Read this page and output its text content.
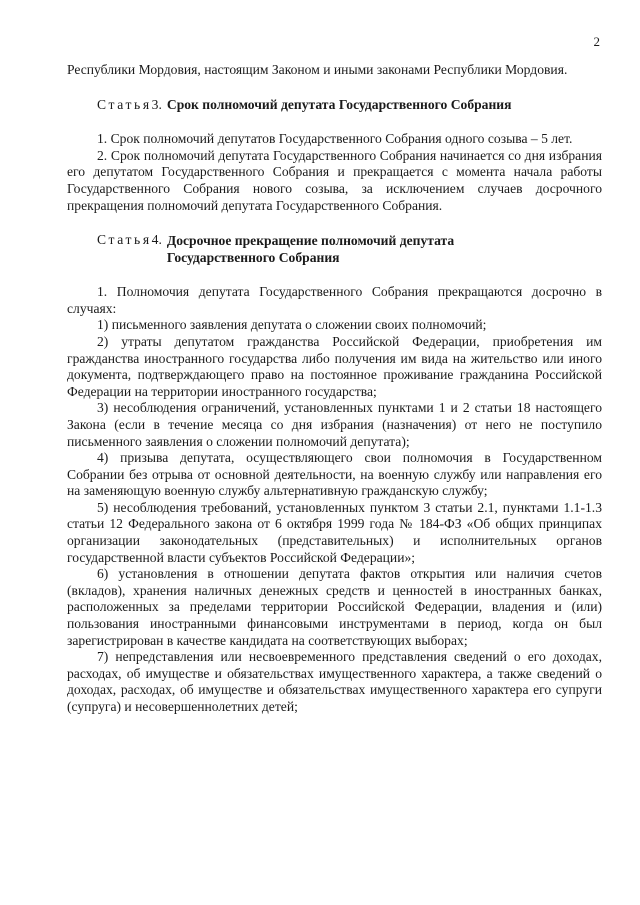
2

Республики Мордовия, настоящим Законом и иными законами Республики Мордовия.

Статья 3. Срок полномочий депутата Государственного Собрания

1. Срок полномочий депутатов Государственного Собрания одного созыва – 5 лет.

2. Срок полномочий депутата Государственного Собрания начинается со дня избрания его депутатом Государственного Собрания и прекращается с момента начала работы Государственного Собрания нового созыва, за исключением случаев досрочного прекращения полномочий депутата Государственного Собрания.

Статья 4. Досрочное прекращение полномочий депутата
Государственного Собрания

1. Полномочия депутата Государственного Собрания прекращаются досрочно в случаях:

1) письменного заявления депутата о сложении своих полномочий;

2) утраты депутатом гражданства Российской Федерации, приобретения им гражданства иностранного государства либо получения им вида на жительство или иного документа, подтверждающего право на постоянное проживание гражданина Российской Федерации на территории иностранного государства;

3) несоблюдения ограничений, установленных пунктами 1 и 2 статьи 18 настоящего Закона (если в течение месяца со дня избрания (назначения) от него не поступило письменного заявления о сложении полномочий депутата);

4) призыва депутата, осуществляющего свои полномочия в Государственном Собрании без отрыва от основной деятельности, на военную службу или направления его на заменяющую военную службу альтернативную гражданскую службу;

5) несоблюдения требований, установленных пунктом 3 статьи 2.1, пунктами 1.1-1.3 статьи 12 Федерального закона от 6 октября 1999 года № 184-ФЗ «Об общих принципах организации законодательных (представительных) и исполнительных органов государственной власти субъектов Российской Федерации»;

6) установления в отношении депутата фактов открытия или наличия счетов (вкладов), хранения наличных денежных средств и ценностей в иностранных банках, расположенных за пределами территории Российской Федерации, владения и (или) пользования иностранными финансовыми инструментами в период, когда он был зарегистрирован в качестве кандидата на соответствующих выборах;

7) непредставления или несвоевременного представления сведений о его доходах, расходах, об имуществе и обязательствах имущественного характера, а также сведений о доходах, расходах, об имуществе и обязательствах имущественного характера его супруги (супруга) и несовершеннолетних детей;
